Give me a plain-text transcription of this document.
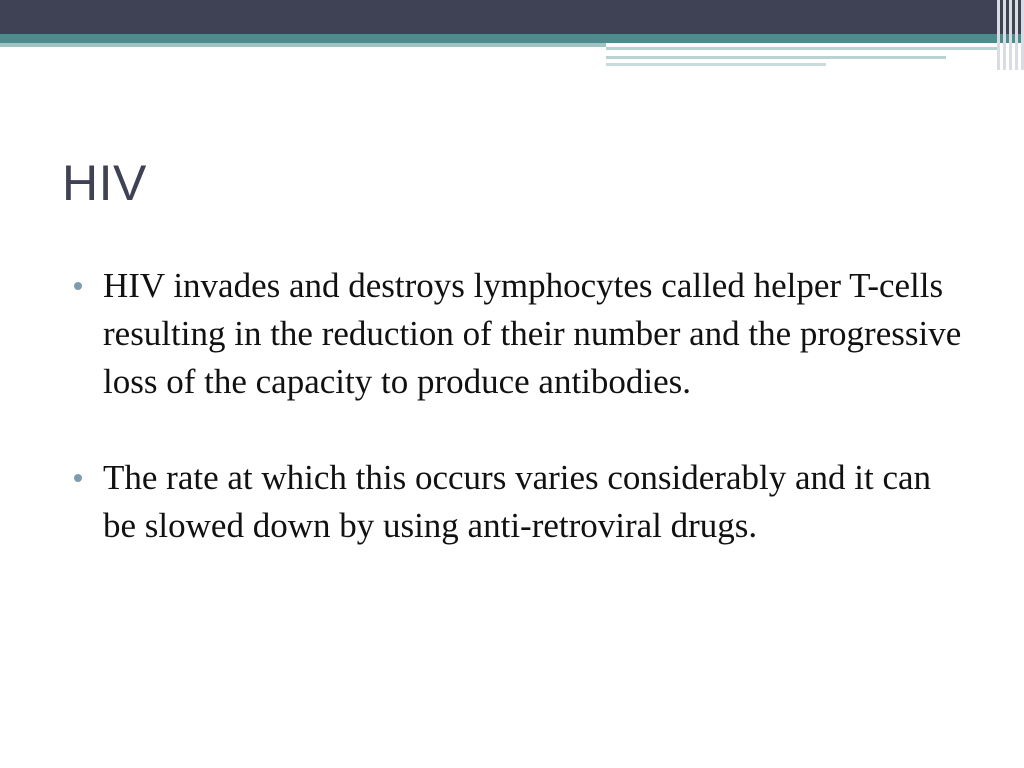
HIV
HIV invades and destroys lymphocytes called helper T-cells resulting in the reduction of their number and the progressive loss of the capacity to produce antibodies.
The rate at which this occurs varies considerably and it can be slowed down by using anti-retroviral drugs.
